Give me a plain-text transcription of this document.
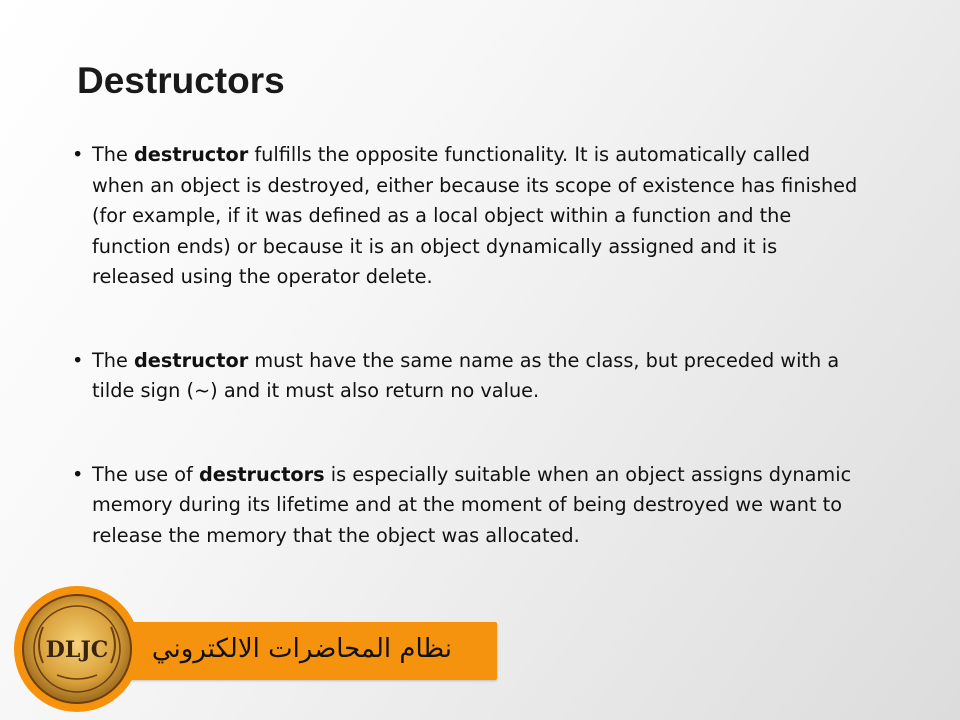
Destructors
• The destructor fulfills the opposite functionality. It is automatically called when an object is destroyed, either because its scope of existence has finished (for example, if it was defined as a local object within a function and the function ends) or because it is an object dynamically assigned and it is released using the operator delete.
• The destructor must have the same name as the class, but preceded with a tilde sign (~) and it must also return no value.
• The use of destructors is especially suitable when an object assigns dynamic memory during its lifetime and at the moment of being destroyed we want to release the memory that the object was allocated.
نظام المحاضرات الالكتروني
DLJC
